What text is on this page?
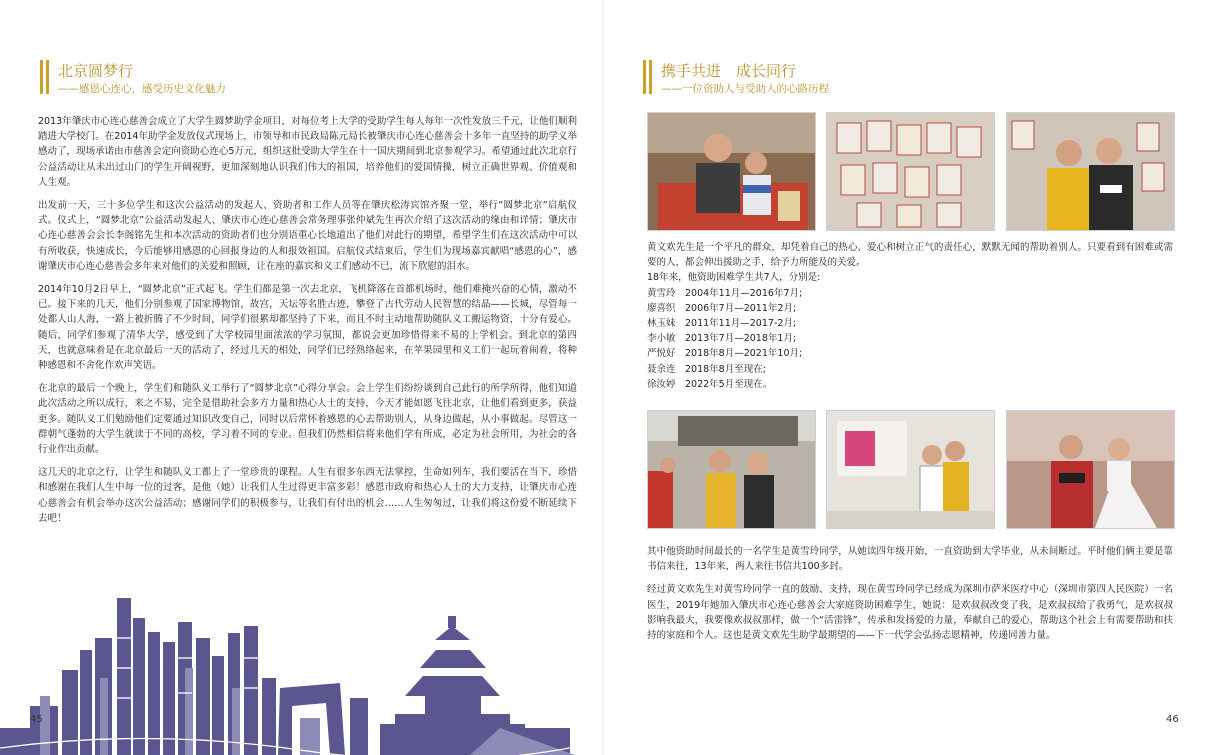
北京圆梦行
——感恩心连心，感受历史文化魅力

2013年肇庆市心连心慈善会成立了大学生圆梦助学金项目，对每位考上大学的受助学生每人每年一次性发放三千元，让他们顺利踏进大学校门。在2014年助学金发放仪式现场上，市领导和市民政局陈元局长被肇庆市心连心慈善会十多年一直坚持的助学义举感动了，现场承诺由市慈善会定向资助心连心5万元，组织这批受助大学生在十一国庆期间到北京参观学习。希望通过此次北京行公益活动让从未出过山门的学生开阔视野，更加深刻地认识我们伟大的祖国，培养他们的爱国情操，树立正确世界观、价值观和人生观。

出发前一天，三十多位学生和这次公益活动的发起人、资助者和工作人员等在肇庆松涛宾馆齐聚一堂，举行“圆梦北京”启航仪式。仪式上，“圆梦北京”公益活动发起人、肇庆市心连心慈善会常务理事张仲斌先生再次介绍了这次活动的缘由和详情；肇庆市心连心慈善会会长李阁铭先生和本次活动的资助者们也分别语重心长地道出了他们对此行的期望，希望学生们在这次活动中可以有所收获，快速成长，今后能够用感恩的心回报身边的人和报效祖国。启航仪式结束后，学生们为现场嘉宾献唱“感恩的心”，感谢肇庆市心连心慈善会多年来对他们的关爱和照顾，让在座的嘉宾和义工们感动不已，流下欣慰的泪水。

2014年10月2日早上，“圆梦北京”正式起飞。学生们都是第一次去北京，飞机降落在首都机场时，他们难掩兴奋的心情，激动不已。接下来的几天，他们分别参观了国家博物馆，故宫，天坛等名胜古迹，攀登了古代劳动人民智慧的结晶——长城，尽管每一处都人山人海，一路上被折腾了不少时间，同学们很累却都坚持了下来，而且不时主动地帮助随队义工搬运物资，十分有爱心。随后，同学们参观了清华大学，感受到了大学校园里面浓浓的学习氛围，都说会更加珍惜得来不易的上学机会。到北京的第四天，也就意味着是在北京最后一天的活动了，经过几天的相处，同学们已经熟络起来，在苹果园里和义工们一起玩着闹着，将种种感恩和不舍化作欢声笑语。

在北京的最后一个晚上，学生们和随队义工举行了“圆梦北京”心得分享会。会上学生们纷纷谈到自己此行的所学所得，他们知道此次活动之所以成行，来之不易，完全是借助社会多方力量和热心人士的支持，今天才能如愿飞往北京，让他们看到更多，获益更多。随队义工们勉励他们定要通过知识改变自己，同时以后常怀着感恩的心去帮助别人，从身边做起，从小事做起。尽管这一群朝气蓬勃的大学生就读于不同的高校，学习着不同的专业。但我们仍然相信将来他们学有所成，必定为社会所用，为社会的各行业作出贡献。

这几天的北京之行，让学生和随队义工都上了一堂珍贵的课程。人生有很多东西无法掌控，生命如列车，我们要活在当下，珍惜和感谢在我们人生中每一位的过客，是他（她）让我们人生过得更丰富多彩！感恩市政府和热心人士的大力支持，让肇庆市心连心慈善会有机会举办这次公益活动；感谢同学们的积极参与，让我们有付出的机会……人生匆匆过，让我们将这份爱不断延续下去吧！

45
携手共进　成长同行
——一位资助人与受助人的心路历程

黄文欢先生是一个平凡的群众，却凭着自己的热心、爱心和树立正气的责任心，默默无闻的帮助着别人。只要看到有困难或需要的人，都会伸出援助之手，给予力所能及的关爱。

18年来，他资助困难学生共7人，分别是:
黄雪玲　2004年11月—2016年7月;
廖喜织　2006年7月—2011年2月;
林玉妹　2011年11月—2017-2月;
李小敏　2013年7月—2018年1月;
严悦好　2018年8月—2021年10月;
聂余连　2018年8月至现在;
徐汝婷　2022年5月至现在。

其中他资助时间最长的一名学生是黄雪玲同学，从她读四年级开始，一直资助到大学毕业，从未间断过。平时他们俩主要是靠书信来往，13年来，两人来往书信共100多封。

经过黄文欢先生对黄雪玲同学一直的鼓励、支持，现在黄雪玲同学已经成为深圳市萨米医疗中心（深圳市第四人民医院）一名医生，2019年她加入肇庆市心连心慈善会大家庭资助困难学生，她说：是欢叔叔改变了我，是欢叔叔给了我勇气，是欢叔叔影响我最大，我要像欢叔叔那样，做一个“活雷锋”，传承和发扬爱的力量，奉献自己的爱心，帮助这个社会上有需要帮助和扶持的家庭和个人。这也是黄文欢先生助学最期望的——下一代学会弘扬志愿精神，传递同善力量。

46
